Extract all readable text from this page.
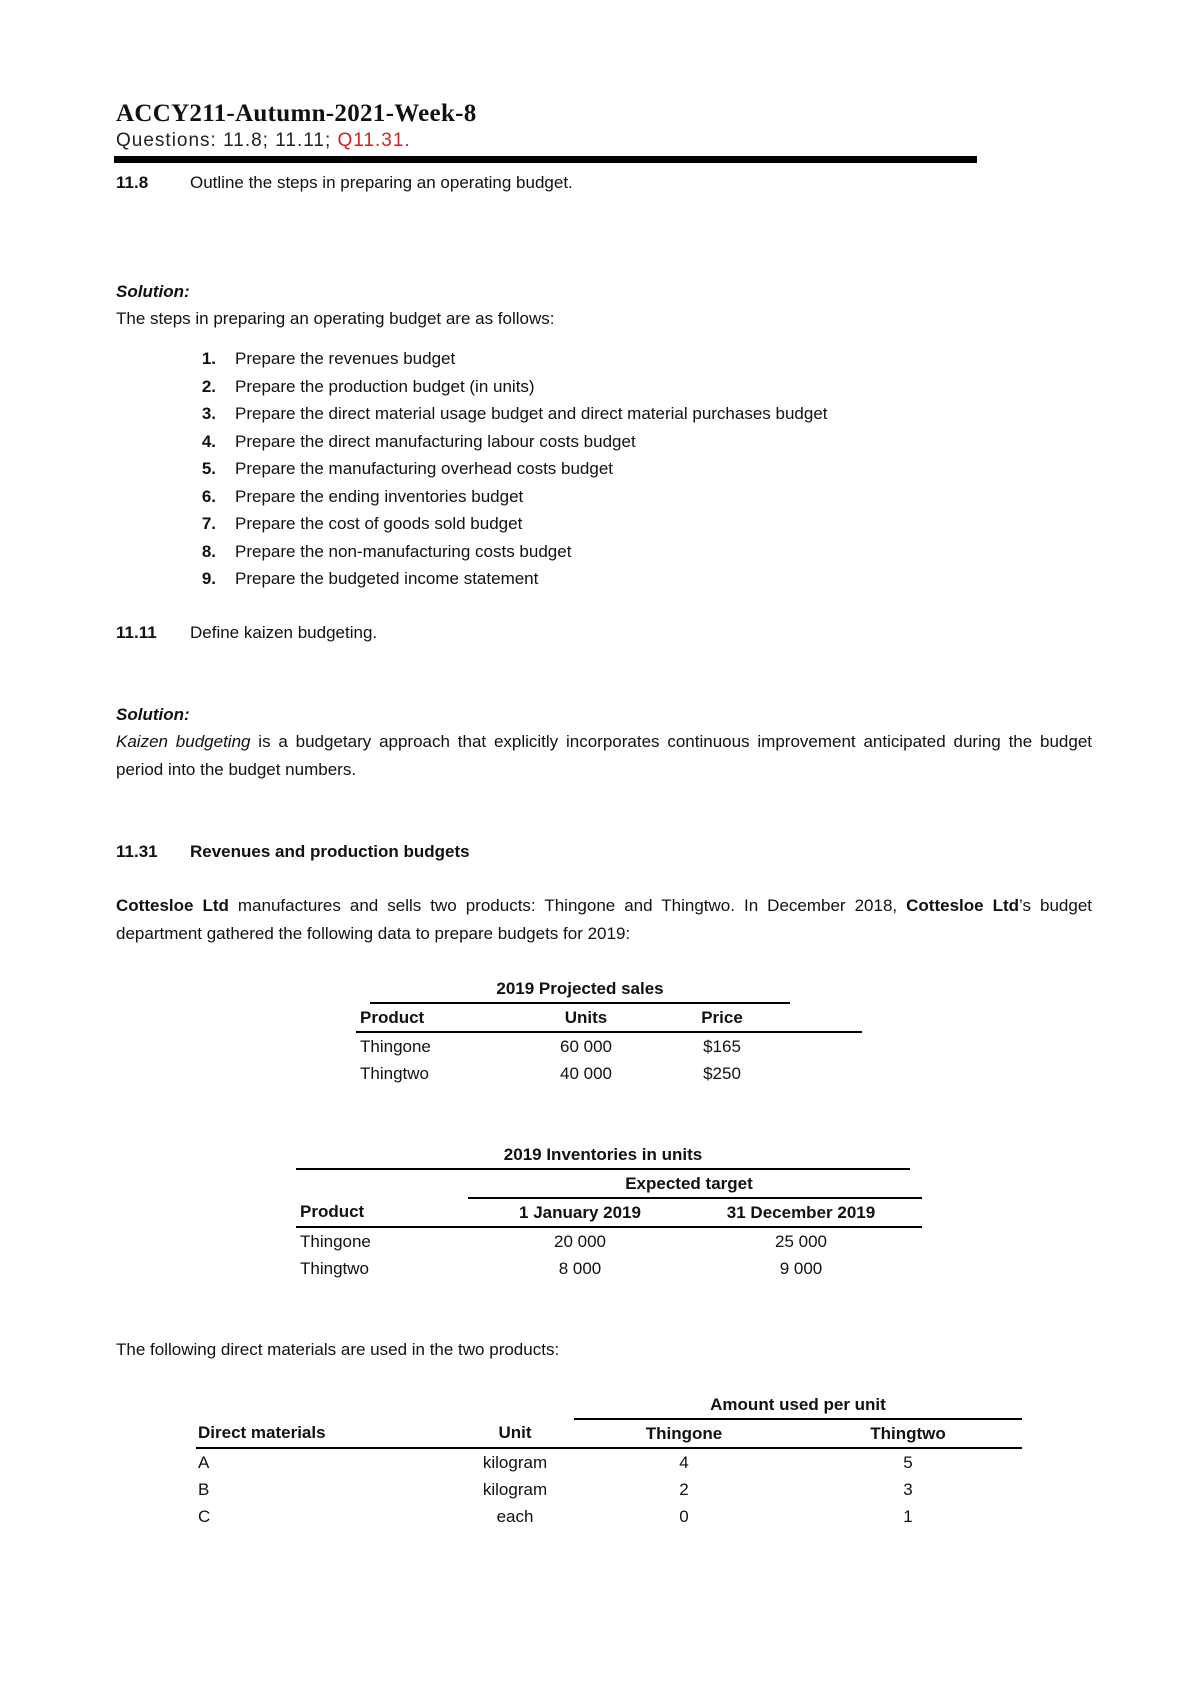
ACCY211-Autumn-2021-Week-8
Questions: 11.8; 11.11; Q11.31.
11.8 Outline the steps in preparing an operating budget.
Solution:
The steps in preparing an operating budget are as follows:
1. Prepare the revenues budget
2. Prepare the production budget (in units)
3. Prepare the direct material usage budget and direct material purchases budget
4. Prepare the direct manufacturing labour costs budget
5. Prepare the manufacturing overhead costs budget
6. Prepare the ending inventories budget
7. Prepare the cost of goods sold budget
8. Prepare the non-manufacturing costs budget
9. Prepare the budgeted income statement
11.11 Define kaizen budgeting.
Solution:
Kaizen budgeting is a budgetary approach that explicitly incorporates continuous improvement anticipated during the budget period into the budget numbers.
11.31 Revenues and production budgets
Cottesloe Ltd manufactures and sells two products: Thingone and Thingtwo. In December 2018, Cottesloe Ltd’s budget department gathered the following data to prepare budgets for 2019:
	2019 Projected sales			
Product		Units	Price	
Thingone		60 000	$165	
Thingtwo		40 000	$250	
2019 Inventories in units			
	Expected target		
Product	1 January 2019	31 December 2019	
Thingone	20 000	25 000	
Thingtwo	8 000	9 000	
The following direct materials are used in the two products:
		Amount used per unit	
Direct materials	Unit	Thingone	Thingtwo
A	kilogram	4	5
B	kilogram	2	3
C	each	0	1
